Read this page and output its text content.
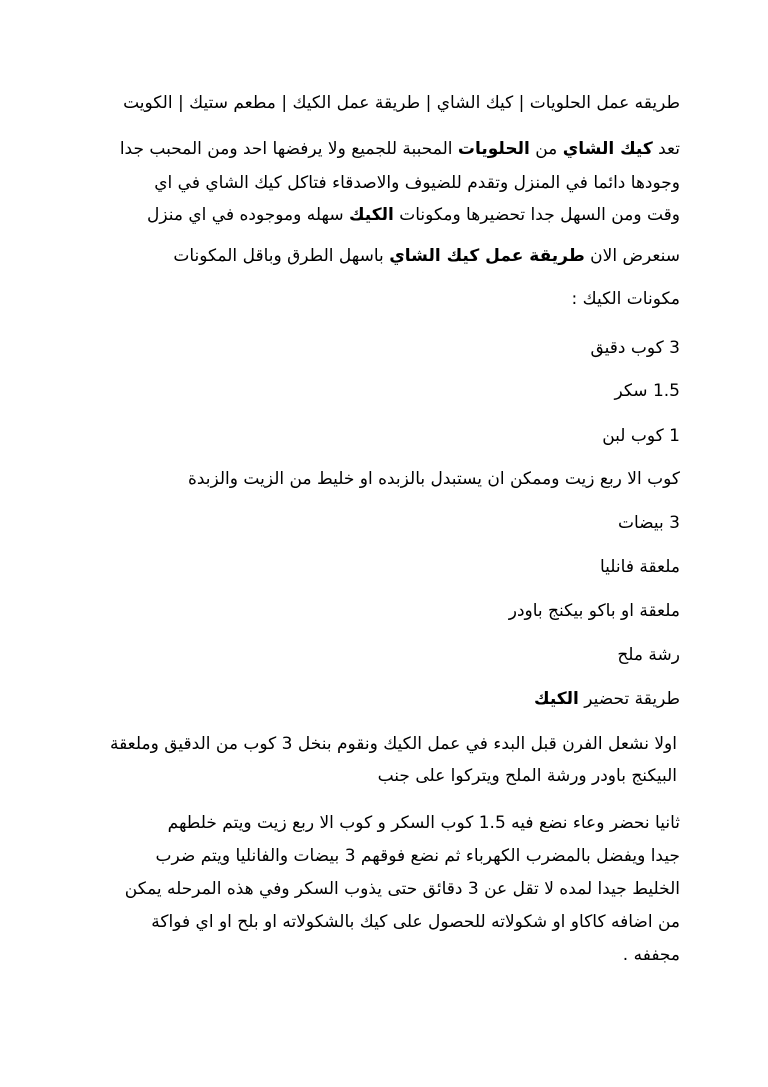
طريقه عمل الحلويات | كيك الشاي | طريقة عمل الكيك | مطعم ستيك | الكويت
تعد كيك الشاي من الحلويات المحببة للجميع ولا يرفضها احد ومن المحبب جدا
وجودها دائما في المنزل وتقدم للضيوف والاصدقاء فتاكل كيك الشاي في اي
وقت ومن السهل جدا تحضيرها ومكونات الكيك سهله وموجوده في اي منزل
سنعرض الان طريقة عمل كيك الشاي باسهل الطرق وباقل المكونات
مكونات الكيك :
3 كوب دقيق
1.5 سكر
1 كوب لبن
كوب الا ربع زيت وممكن ان يستبدل بالزبده او خليط من الزيت والزبدة
3 بيضات
ملعقة فانليا
ملعقة او باكو بيكنج باودر
رشة ملح
طريقة تحضير الكيك
اولا نشعل الفرن قبل البدء في عمل الكيك ونقوم بنخل 3 كوب من الدقيق وملعقة
البيكنج باودر ورشة الملح ويتركوا على جنب
ثانيا نحضر وعاء نضع فيه 1.5 كوب السكر و كوب الا ربع زيت ويتم خلطهم
جيدا ويفضل بالمضرب الكهرباء ثم نضع فوقهم 3 بيضات والفانليا ويتم ضرب
الخليط جيدا لمده لا تقل عن 3 دقائق حتى يذوب السكر وفي هذه المرحله يمكن
من اضافه كاكاو او شكولاته للحصول على كيك بالشكولاته او بلح او اي فواكة
مجففه .
